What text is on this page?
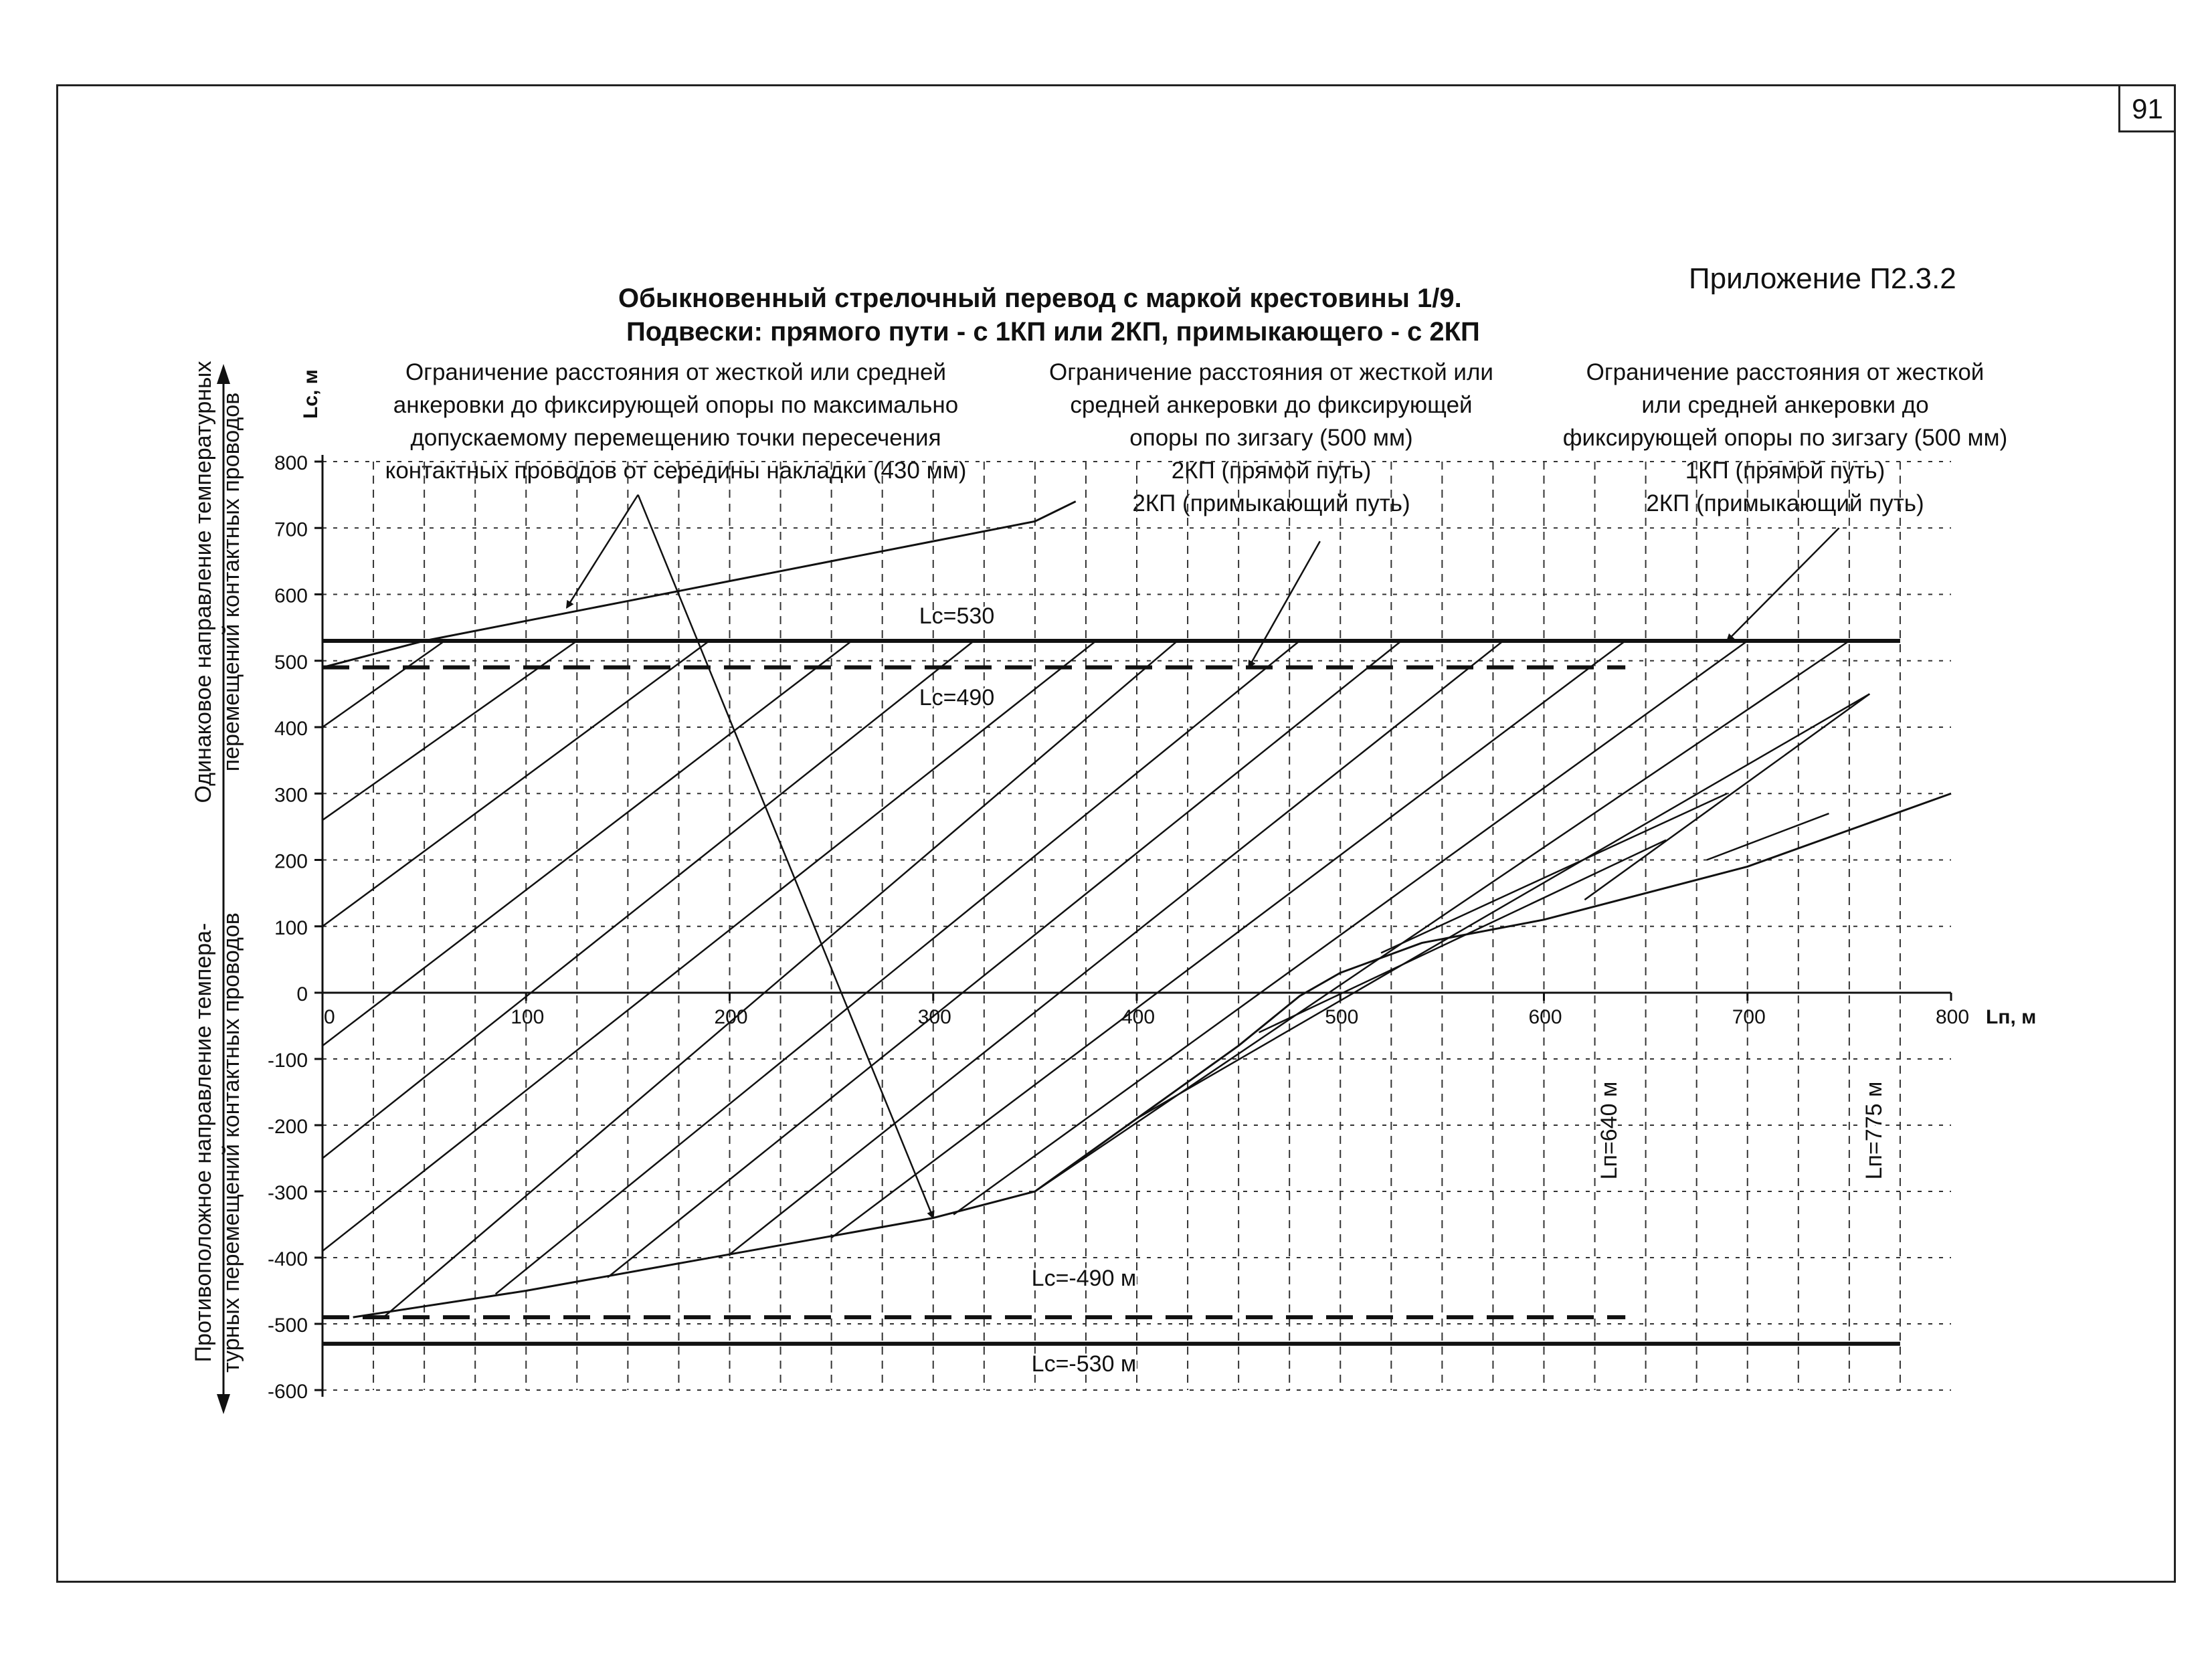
91
Приложение П2.3.2
Обыкновенный стрелочный перевод с маркой крестовины 1/9.
Подвески: прямого пути - с 1КП или 2КП, примыкающего - с 2КП
Ограничение расстояния от жесткой или средней
анкеровки до фиксирующей опоры по максимально
допускаемому перемещению точки пересечения
контактных проводов от середины накладки (430 мм)
Ограничение расстояния от жесткой или
средней анкеровки до фиксирующей
опоры по зигзагу (500 мм)
2КП (прямой путь)
2КП (примыкающий путь)
Ограничение расстояния от жесткой
или средней анкеровки до
фиксирующей опоры по зигзагу (500 мм)
1КП (прямой путь)
2КП (примыкающий путь)
Одинаковое направление температурных перемещений контактных проводов
Противоположное направление темпера- турных перемещений контактных проводов
800
700
600
500
400
300
200
100
0
-100
-200
-300
-400
-500
-600
0	100	200	300	400	500	600	700	800 Lп, м
Lс, м
Lc=530
Lc=490
Lc=-490 м
Lc=-530 м
Lп=640 м	Lп=775 м
